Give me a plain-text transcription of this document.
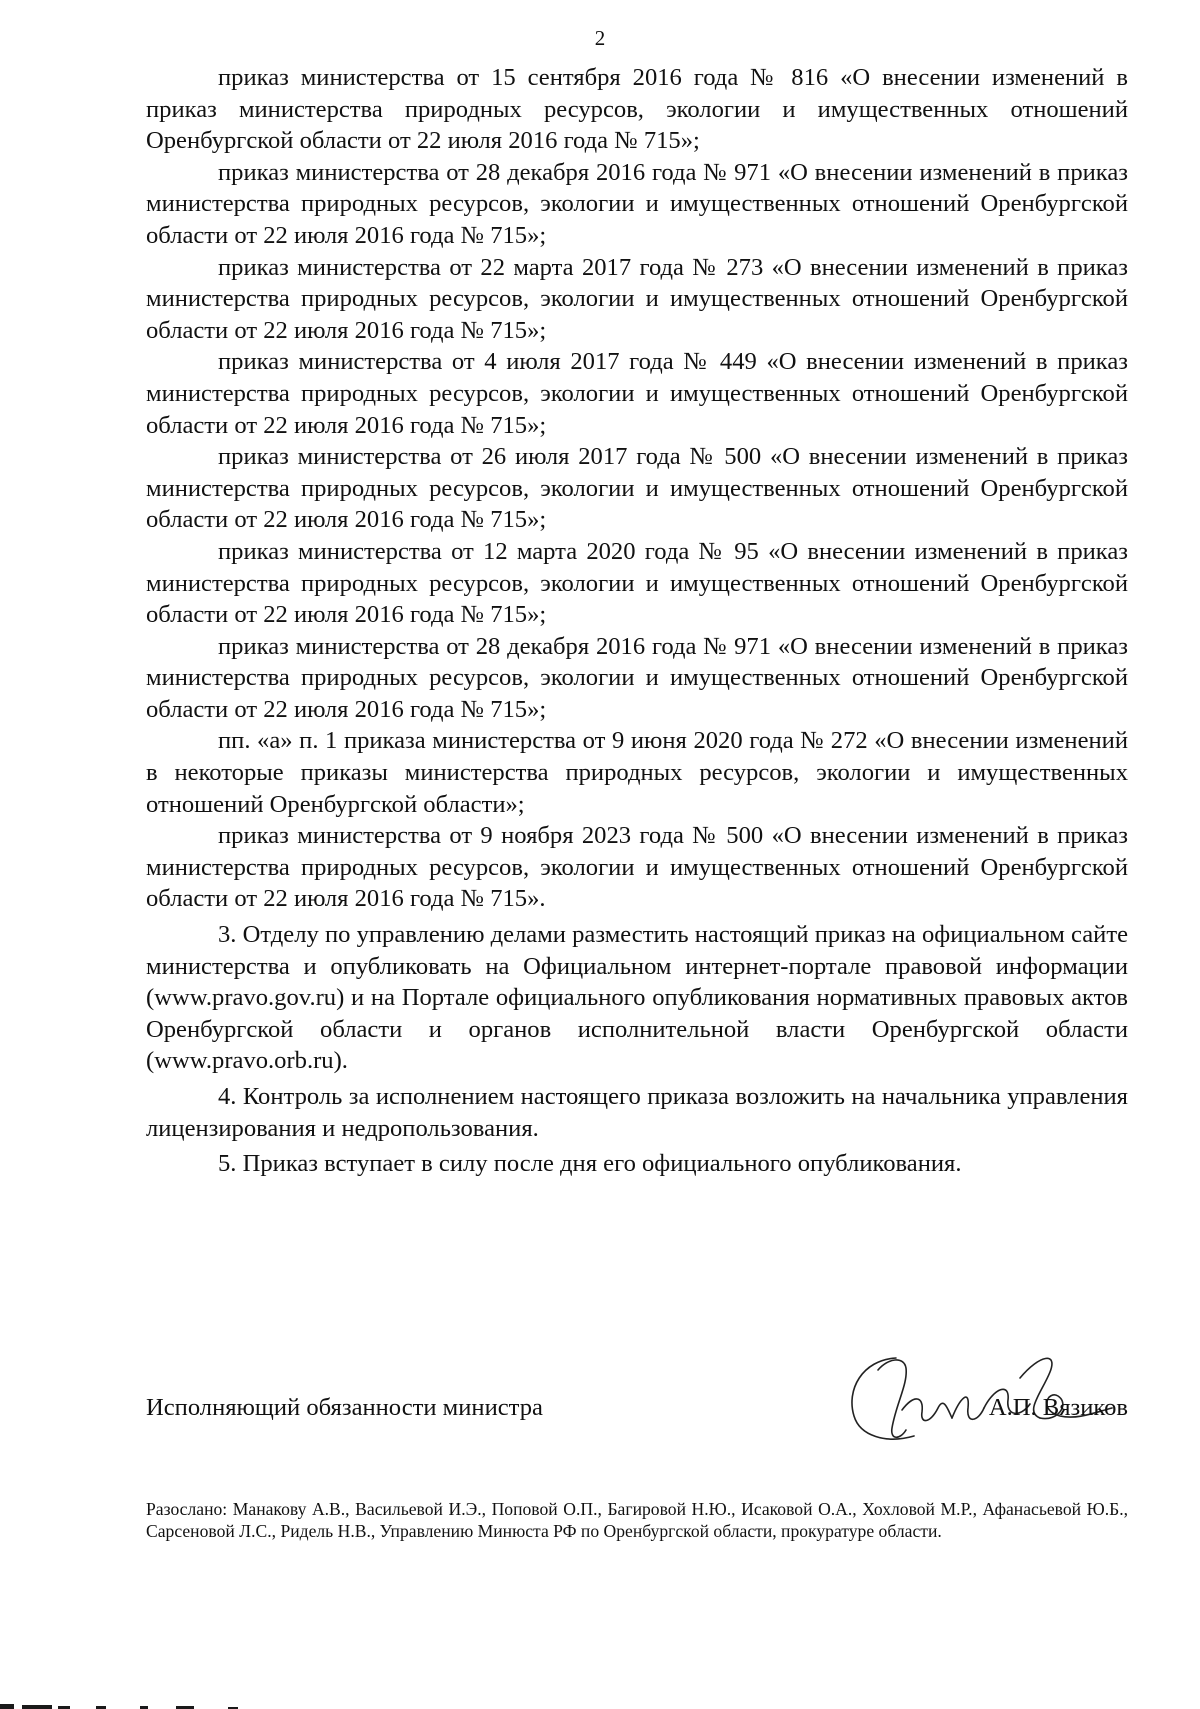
2

приказ министерства от 15 сентября 2016 года № 816 «О внесении изменений в приказ министерства природных ресурсов, экологии и имущественных отношений Оренбургской области от 22 июля 2016 года № 715»;

приказ министерства от 28 декабря 2016 года № 971 «О внесении изменений в приказ министерства природных ресурсов, экологии и имущественных отношений Оренбургской области от 22 июля 2016 года № 715»;

приказ министерства от 22 марта 2017 года № 273 «О внесении изменений в приказ министерства природных ресурсов, экологии и имущественных отношений Оренбургской области от 22 июля 2016 года № 715»;

приказ министерства от 4 июля 2017 года № 449 «О внесении изменений в приказ министерства природных ресурсов, экологии и имущественных отношений Оренбургской области от 22 июля 2016 года № 715»;

приказ министерства от 26 июля 2017 года № 500 «О внесении изменений в приказ министерства природных ресурсов, экологии и имущественных отношений Оренбургской области от 22 июля 2016 года № 715»;

приказ министерства от 12 марта 2020 года № 95 «О внесении изменений в приказ министерства природных ресурсов, экологии и имущественных отношений Оренбургской области от 22 июля 2016 года № 715»;

приказ министерства от 28 декабря 2016 года № 971 «О внесении изменений в приказ министерства природных ресурсов, экологии и имущественных отношений Оренбургской области от 22 июля 2016 года № 715»;

пп. «а» п. 1 приказа министерства от 9 июня 2020 года № 272 «О внесении изменений в некоторые приказы министерства природных ресурсов, экологии и имущественных отношений Оренбургской области»;

приказ министерства от 9 ноября 2023 года № 500 «О внесении изменений в приказ министерства природных ресурсов, экологии и имущественных отношений Оренбургской области от 22 июля 2016 года № 715».

3. Отделу по управлению делами разместить настоящий приказ на официальном сайте министерства и опубликовать на Официальном интернет-портале правовой информации (www.pravo.gov.ru) и на Портале официального опубликования нормативных правовых актов Оренбургской области и органов исполнительной власти Оренбургской области (www.pravo.orb.ru).

4. Контроль за исполнением настоящего приказа возложить на начальника управления лицензирования и недропользования.

5. Приказ вступает в силу после дня его официального опубликования.

Исполняющий обязанности министра	А.П. Вязиков
Разослано: Манакову А.В., Васильевой И.Э., Поповой О.П., Багировой Н.Ю., Исаковой О.А., Хохловой М.Р., Афанасьевой Ю.Б., Сарсеновой Л.С., Ридель Н.В., Управлению Минюста РФ по Оренбургской области, прокуратуре области.
